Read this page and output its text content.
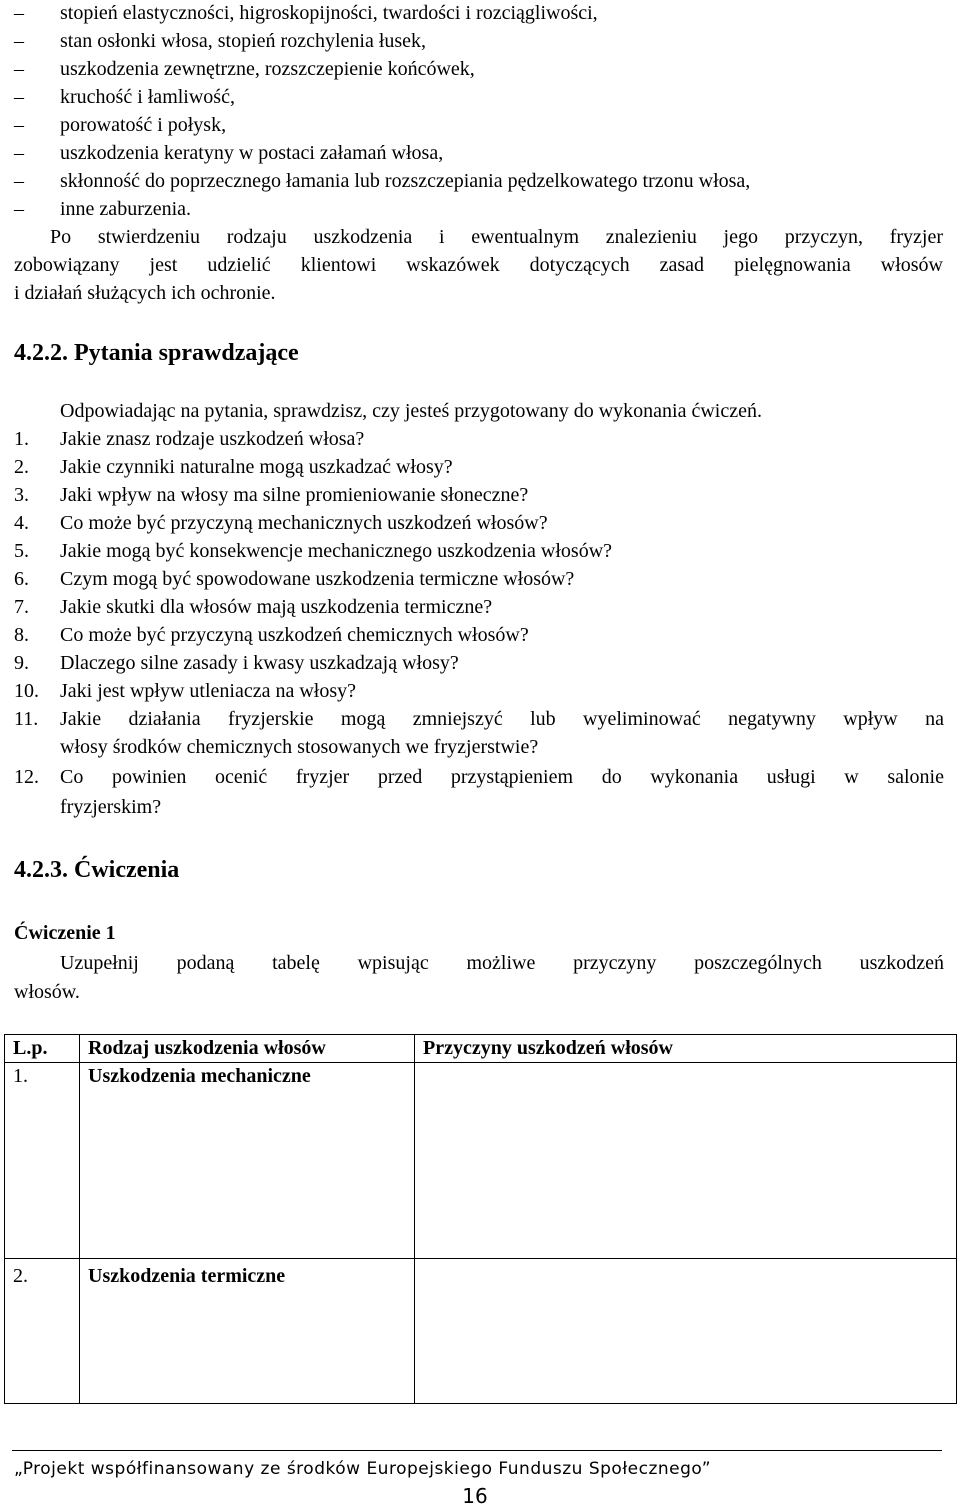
– stopień elastyczności, higroskopijności, twardości i rozciągliwości,
– stan osłonki włosa, stopień rozchylenia łusek,
– uszkodzenia zewnętrzne, rozszczepienie końcówek,
– kruchość i łamliwość,
– porowatość i połysk,
– uszkodzenia keratyny w postaci załamań włosa,
– skłonność do poprzecznego łamania lub rozszczepiania pędzelkowatego trzonu włosa,
– inne zaburzenia.
Po stwierdzeniu rodzaju uszkodzenia i ewentualnym znalezieniu jego przyczyn, fryzjer
zobowiązany jest udzielić klientowi wskazówek dotyczących zasad pielęgnowania włosów
i działań służących ich ochronie.
4.2.2. Pytania sprawdzające
Odpowiadając na pytania, sprawdzisz, czy jesteś przygotowany do wykonania ćwiczeń.
1. Jakie znasz rodzaje uszkodzeń włosa?
2. Jakie czynniki naturalne mogą uszkadzać włosy?
3. Jaki wpływ na włosy ma silne promieniowanie słoneczne?
4. Co może być przyczyną mechanicznych uszkodzeń włosów?
5. Jakie mogą być konsekwencje mechanicznego uszkodzenia włosów?
6. Czym mogą być spowodowane uszkodzenia termiczne włosów?
7. Jakie skutki dla włosów mają uszkodzenia termiczne?
8. Co może być przyczyną uszkodzeń chemicznych włosów?
9. Dlaczego silne zasady i kwasy uszkadzają włosy?
10. Jaki jest wpływ utleniacza na włosy?
11. Jakie działania fryzjerskie mogą zmniejszyć lub wyeliminować negatywny wpływ na
włosy środków chemicznych stosowanych we fryzjerstwie?
12. Co powinien ocenić fryzjer przed przystąpieniem do wykonania usługi w salonie
fryzjerskim?
4.2.3. Ćwiczenia
Ćwiczenie 1
Uzupełnij podaną tabelę wpisując możliwe przyczyny poszczególnych uszkodzeń
włosów.
L.p.	Rodzaj uszkodzenia włosów	Przyczyny uszkodzeń włosów
1.	Uszkodzenia mechaniczne	
2.	Uszkodzenia termiczne	
„Projekt współfinansowany ze środków Europejskiego Funduszu Społecznego”
16
